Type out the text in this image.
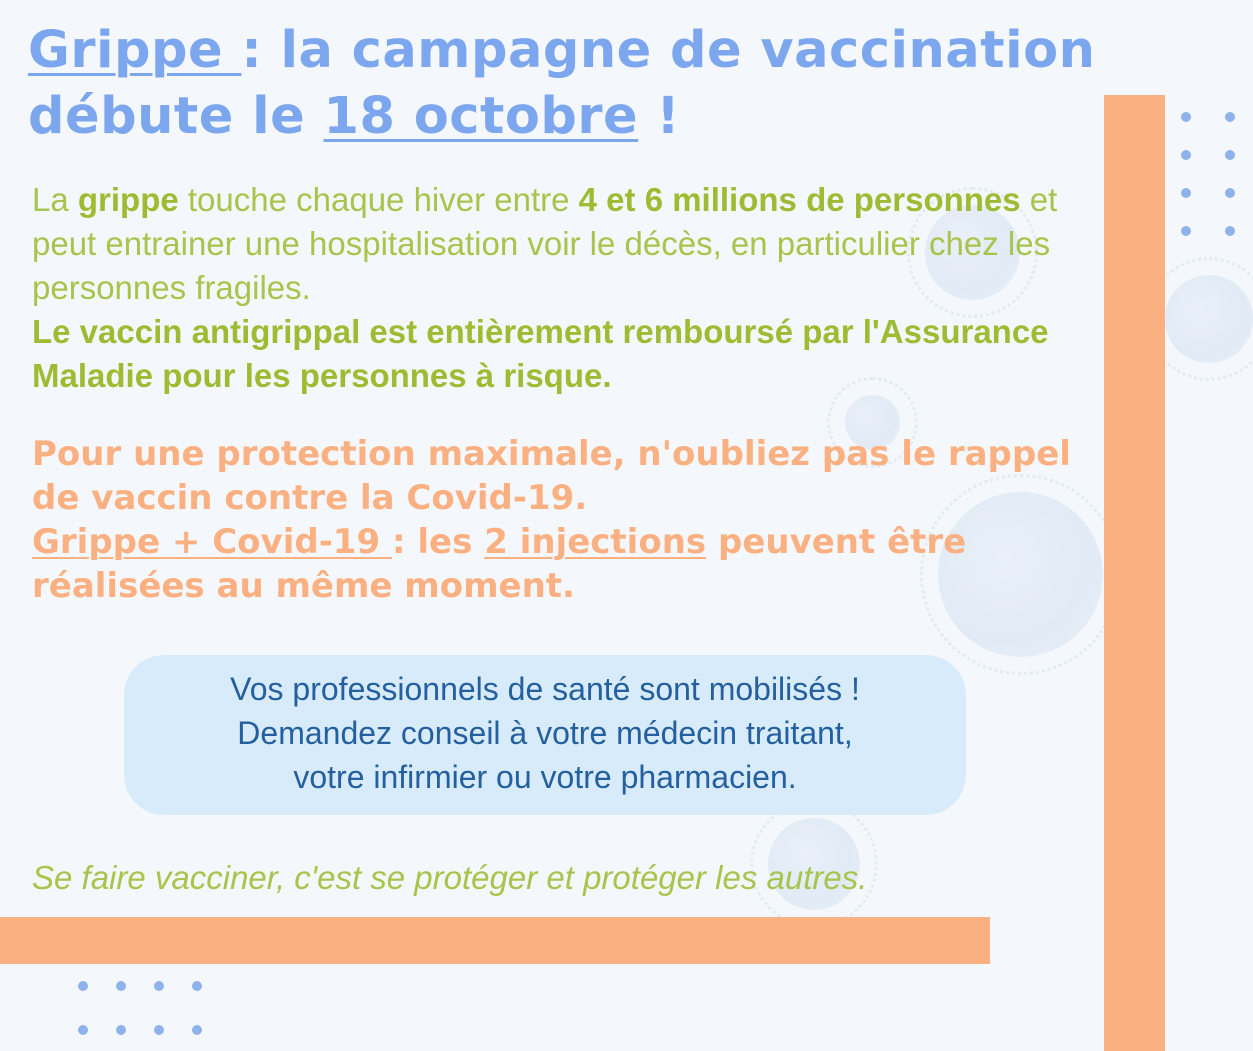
Grippe : la campagne de vaccination débute le 18 octobre !

La grippe touche chaque hiver entre 4 et 6 millions de personnes et peut entrainer une hospitalisation voir le décès, en particulier chez les personnes fragiles.
Le vaccin antigrippal est entièrement remboursé par l'Assurance Maladie pour les personnes à risque.

Pour une protection maximale, n'oubliez pas le rappel de vaccin contre la Covid-19.
Grippe + Covid-19 : les 2 injections peuvent être réalisées au même moment.

Vos professionnels de santé sont mobilisés !
Demandez conseil à votre médecin traitant,
votre infirmier ou votre pharmacien.

Se faire vacciner, c'est se protéger et protéger les autres.
